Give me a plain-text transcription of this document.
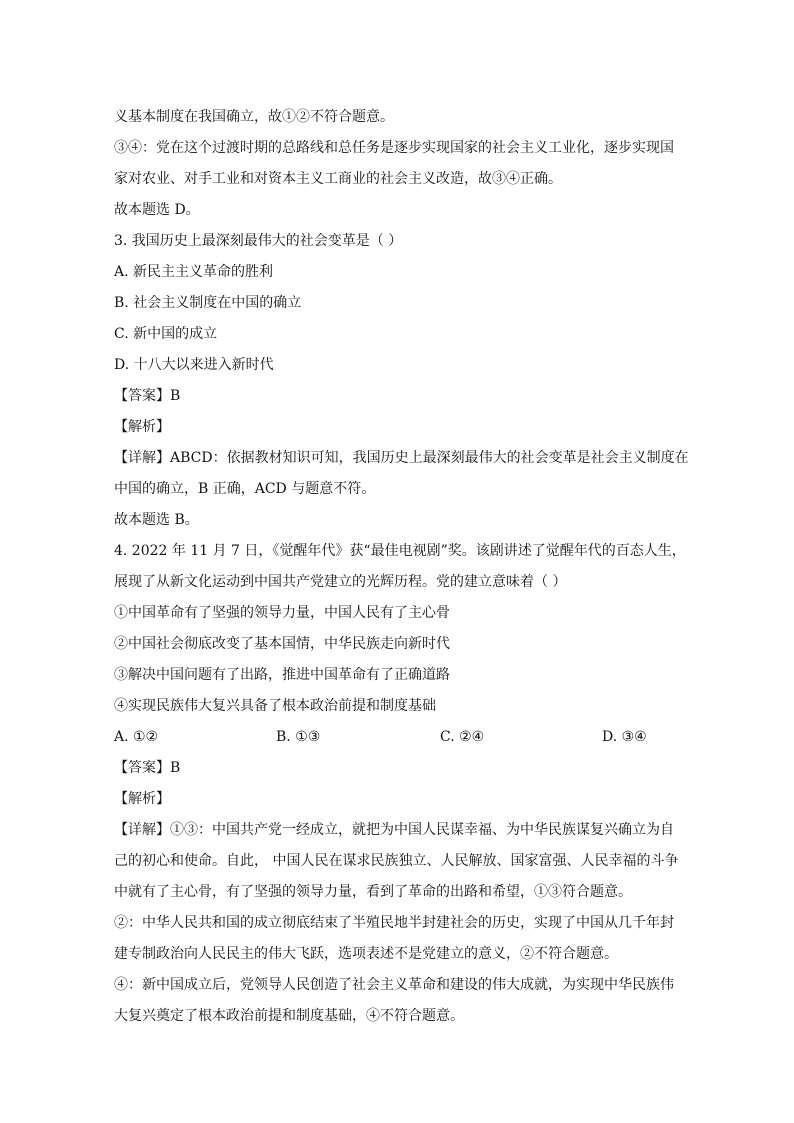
义基本制度在我国确立，故①②不符合题意。
③④：党在这个过渡时期的总路线和总任务是逐步实现国家的社会主义工业化，逐步实现国
家对农业、对手工业和对资本主义工商业的社会主义改造，故③④正确。
故本题选 D。
3. 我国历史上最深刻最伟大的社会变革是（ ）
A. 新民主主义革命的胜利
B. 社会主义制度在中国的确立
C. 新中国的成立
D. 十八大以来进入新时代
【答案】B
【解析】
【详解】ABCD：依据教材知识可知，我国历史上最深刻最伟大的社会变革是社会主义制度在
中国的确立，B 正确，ACD 与题意不符。
故本题选 B。
4. 2022 年 11 月 7 日，《觉醒年代》获“最佳电视剧”奖。该剧讲述了觉醒年代的百态人生，
展现了从新文化运动到中国共产党建立的光辉历程。党的建立意味着（ ）
①中国革命有了坚强的领导力量，中国人民有了主心骨
②中国社会彻底改变了基本国情，中华民族走向新时代
③解决中国问题有了出路，推进中国革命有了正确道路
④实现民族伟大复兴具备了根本政治前提和制度基础
A. ①②	B. ①③	C. ②④	D. ③④
【答案】B
【解析】
【详解】①③：中国共产党一经成立，就把为中国人民谋幸福、为中华民族谋复兴确立为自
己的初心和使命。自此， 中国人民在谋求民族独立、人民解放、国家富强、人民幸福的斗争
中就有了主心骨，有了坚强的领导力量，看到了革命的出路和希望，①③符合题意。
②：中华人民共和国的成立彻底结束了半殖民地半封建社会的历史，实现了中国从几千年封
建专制政治向人民民主的伟大飞跃，选项表述不是党建立的意义，②不符合题意。
④：新中国成立后，党领导人民创造了社会主义革命和建设的伟大成就，为实现中华民族伟
大复兴奠定了根本政治前提和制度基础，④不符合题意。
